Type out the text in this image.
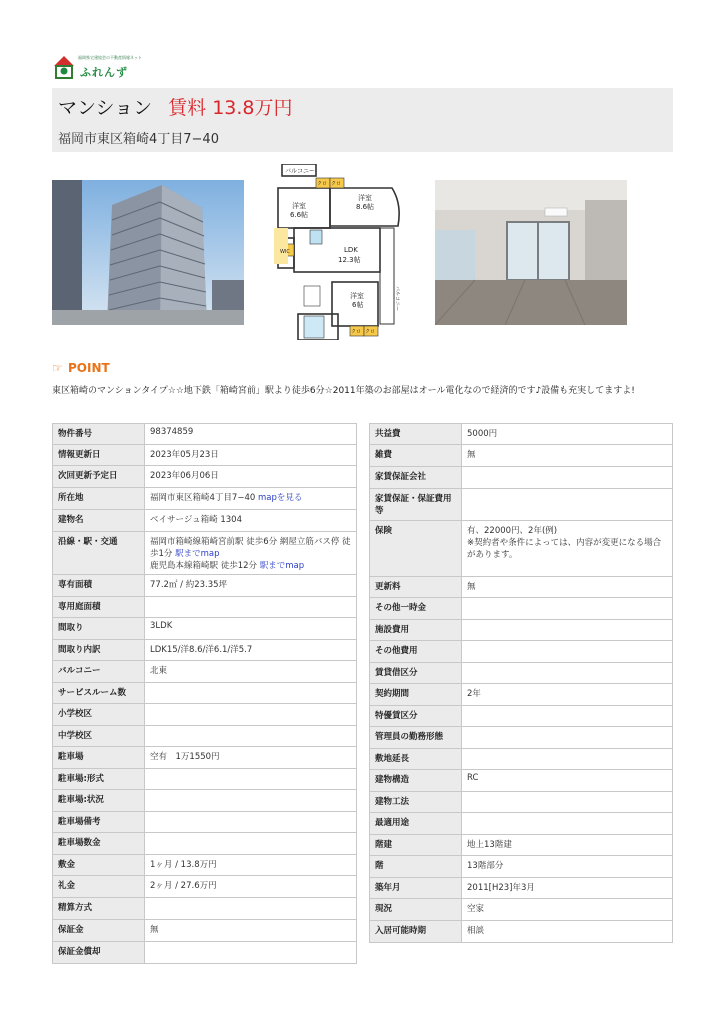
福岡県宅建協会の不動産情報ネット
ふれんず
マンション 賃料 13.8万円
福岡市東区箱崎4丁目7−40
バルコニー
クロ クロ
クロ クロ
洋室
6.6帖
洋室
8.6帖
LDK
12.3帖
洋室
6帖
WIC
バルコニー
☞ POINT
東区箱崎のマンションタイプ☆☆地下鉄「箱崎宮前」駅より徒歩6分☆2011年築のお部屋はオール電化なので経済的です♪設備も充実してますよ!
物件番号	98374859
情報更新日	2023年05月23日
次回更新予定日	2023年06月06日
所在地	福岡市東区箱崎4丁目7−40 mapを見る
建物名	ベイサージュ箱崎 1304
沿線・駅・交通	福岡市箱崎線箱崎宮前駅 徒歩6分 網屋立筋バス停 徒歩1分 駅までmap
鹿児島本線箱崎駅 徒歩12分 駅までmap
専有面積	77.2㎡ / 約23.35坪
専用庭面積	
間取り	3LDK
間取り内訳	LDK15/洋8.6/洋6.1/洋5.7
バルコニー	北東
サービスルーム数	
小学校区	
中学校区	
駐車場	空有　1万1550円
駐車場:形式	
駐車場:状況	
駐車場備考	
駐車場数金	
敷金	1ヶ月 / 13.8万円
礼金	2ヶ月 / 27.6万円
精算方式	
保証金	無
保証金償却	
共益費	5000円
雑費	無
家賃保証会社	
家賃保証・保証費用等	
保険	有、22000円、2年(例)
※契約者や条件によっては、内容が変更になる場合があります。
更新料	無
その他一時金	
施設費用	
その他費用	
賃貸借区分	
契約期間	2年
特優賃区分	
管理員の勤務形態	
敷地延長	
建物構造	RC
建物工法	
最適用途	
階建	地上13階建
階	13階部分
築年月	2011[H23]年3月
現況	空家
入居可能時期	相談
